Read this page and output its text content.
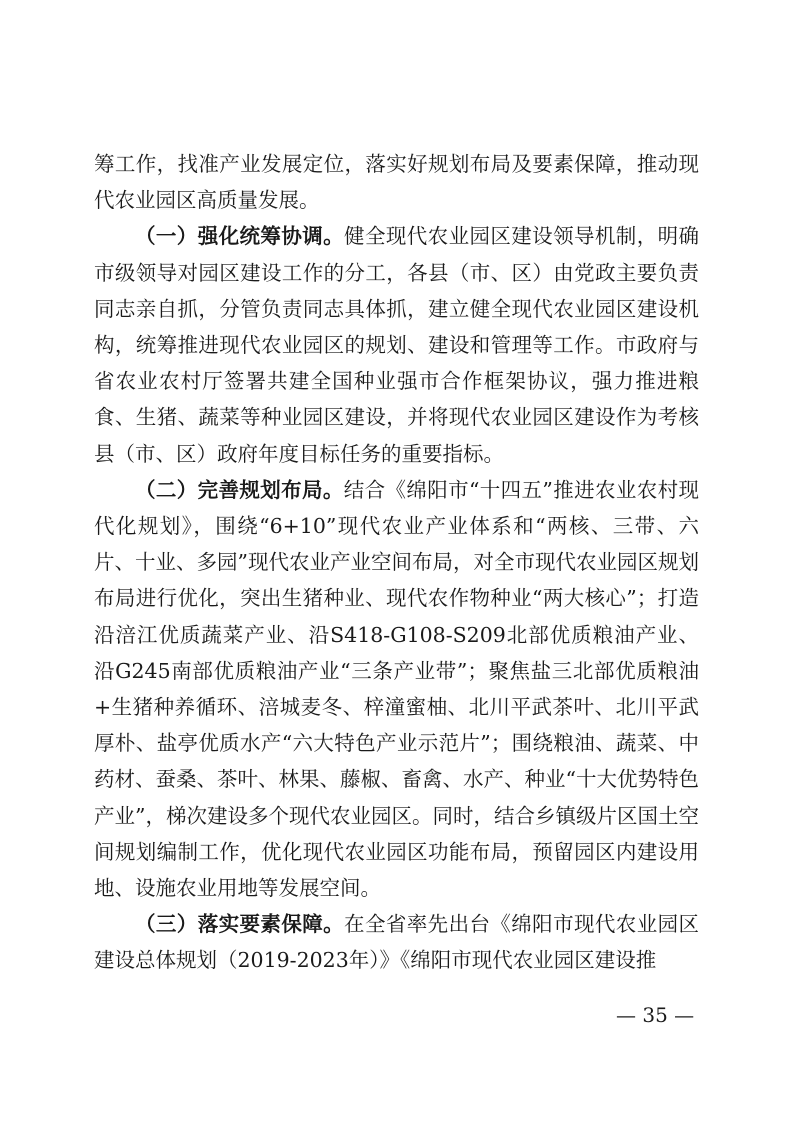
筹工作，找准产业发展定位，落实好规划布局及要素保障，推动现代农业园区高质量发展。

（一）强化统筹协调。健全现代农业园区建设领导机制，明确市级领导对园区建设工作的分工，各县（市、区）由党政主要负责同志亲自抓，分管负责同志具体抓，建立健全现代农业园区建设机构，统筹推进现代农业园区的规划、建设和管理等工作。市政府与省农业农村厅签署共建全国种业强市合作框架协议，强力推进粮食、生猪、蔬菜等种业园区建设，并将现代农业园区建设作为考核县（市、区）政府年度目标任务的重要指标。

（二）完善规划布局。结合《绵阳市“十四五”推进农业农村现代化规划》，围绕“6+10”现代农业产业体系和“两核、三带、六片、十业、多园”现代农业产业空间布局，对全市现代农业园区规划布局进行优化，突出生猪种业、现代农作物种业“两大核心”；打造沿涪江优质蔬菜产业、沿S418-G108-S209北部优质粮油产业、沿G245南部优质粮油产业“三条产业带”；聚焦盐三北部优质粮油+生猪种养循环、涪城麦冬、梓潼蜜柚、北川平武茶叶、北川平武厚朴、盐亭优质水产“六大特色产业示范片”；围绕粮油、蔬菜、中药材、蚕桑、茶叶、林果、藤椒、畜禽、水产、种业“十大优势特色产业”，梯次建设多个现代农业园区。同时，结合乡镇级片区国土空间规划编制工作，优化现代农业园区功能布局，预留园区内建设用地、设施农业用地等发展空间。

（三）落实要素保障。在全省率先出台《绵阳市现代农业园区建设总体规划（2019-2023年）》《绵阳市现代农业园区建设推

— 35 —
